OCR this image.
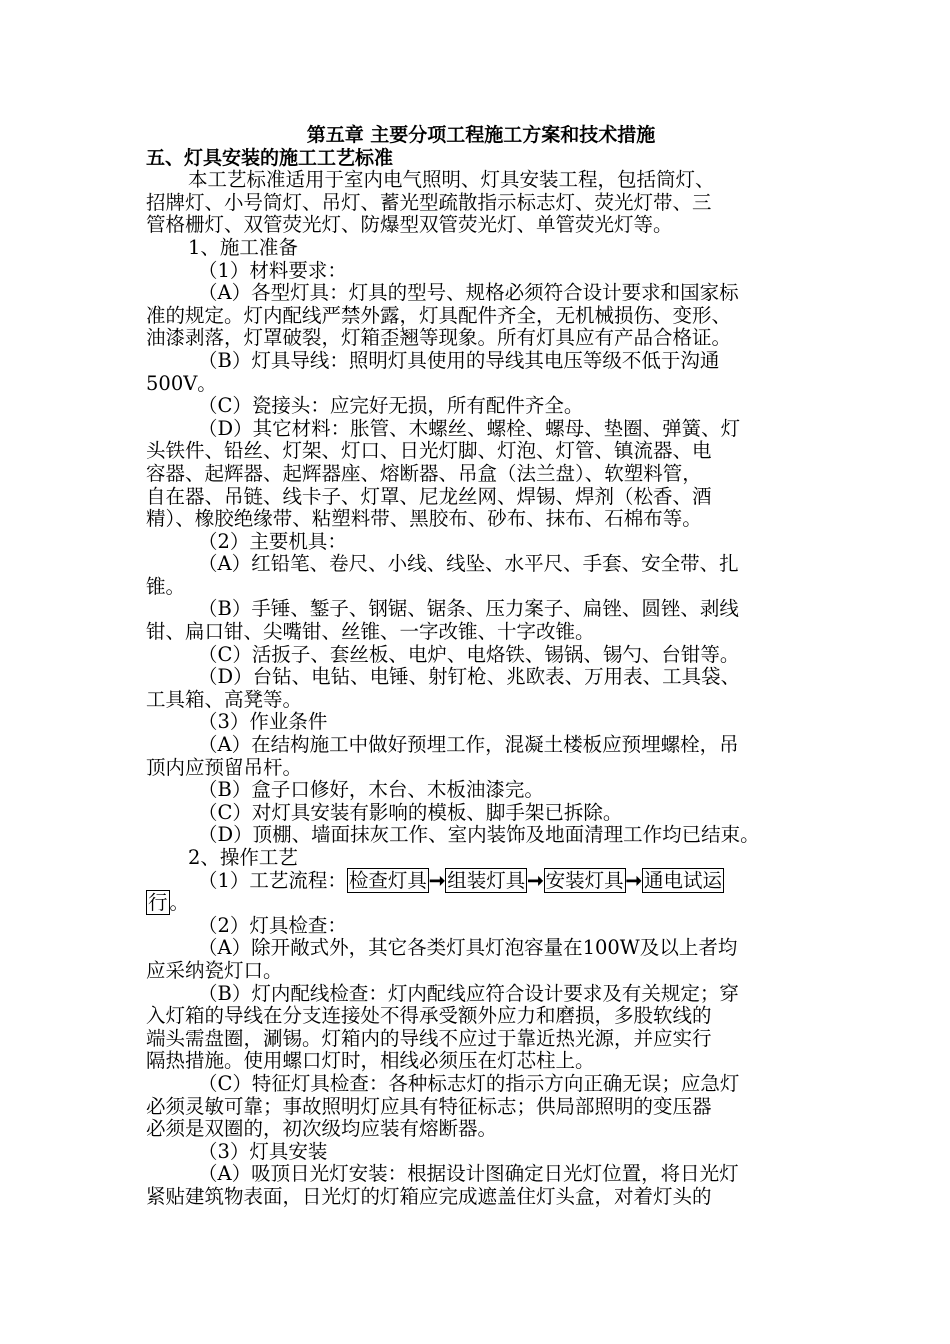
第五章 主要分项工程施工方案和技术措施
五、灯具安装的施工工艺标准
本工艺标准适用于室内电气照明、灯具安装工程，包括筒灯、
招牌灯、小号筒灯、吊灯、蓄光型疏散指示标志灯、荧光灯带、三
管格栅灯、双管荧光灯、防爆型双管荧光灯、单管荧光灯等。
1、施工准备
（1）材料要求：
（A）各型灯具：灯具的型号、规格必须符合设计要求和国家标
准的规定。灯内配线严禁外露，灯具配件齐全，无机械损伤、变形、
油漆剥落，灯罩破裂，灯箱歪翘等现象。所有灯具应有产品合格证。
（B）灯具导线：照明灯具使用的导线其电压等级不低于沟通
500V。
（C）瓷接头：应完好无损，所有配件齐全。
（D）其它材料：胀管、木螺丝、螺栓、螺母、垫圈、弹簧、灯
头铁件、铅丝、灯架、灯口、日光灯脚、灯泡、灯管、镇流器、电
容器、起辉器、起辉器座、熔断器、吊盒（法兰盘）、软塑料管，
自在器、吊链、线卡子、灯罩、尼龙丝网、焊锡、焊剂（松香、酒
精）、橡胶绝缘带、粘塑料带、黑胶布、砂布、抹布、石棉布等。
（2）主要机具：
（A）红铅笔、卷尺、小线、线坠、水平尺、手套、安全带、扎
锥。
（B）手锤、錾子、钢锯、锯条、压力案子、扁锉、圆锉、剥线
钳、扁口钳、尖嘴钳、丝锥、一字改锥、十字改锥。
（C）活扳子、套丝板、电炉、电烙铁、锡锅、锡勺、台钳等。
（D）台钻、电钻、电锤、射钉枪、兆欧表、万用表、工具袋、
工具箱、高凳等。
（3）作业条件
（A）在结构施工中做好预埋工作，混凝土楼板应预埋螺栓，吊
顶内应预留吊杆。
（B）盒子口修好，木台、木板油漆完。
（C）对灯具安装有影响的模板、脚手架已拆除。
（D）顶棚、墙面抹灰工作、室内装饰及地面清理工作均已结束。
2、操作工艺
（1）工艺流程： 检查灯具 ➞ 组装灯具 ➞ 安装灯具 ➞ 通电试运
行 。
（2）灯具检查：
（A）除开敞式外，其它各类灯具灯泡容量在100W及以上者均
应采纳瓷灯口。
（B）灯内配线检查：灯内配线应符合设计要求及有关规定；穿
入灯箱的导线在分支连接处不得承受额外应力和磨损，多股软线的
端头需盘圈，涮锡。灯箱内的导线不应过于靠近热光源，并应实行
隔热措施。使用螺口灯时，相线必须压在灯芯柱上。
（C）特征灯具检查：各种标志灯的指示方向正确无误；应急灯
必须灵敏可靠；事故照明灯应具有特征标志；供局部照明的变压器
必须是双圈的，初次级均应装有熔断器。
（3）灯具安装
（A）吸顶日光灯安装：根据设计图确定日光灯位置，将日光灯
紧贴建筑物表面，日光灯的灯箱应完成遮盖住灯头盒，对着灯头的
